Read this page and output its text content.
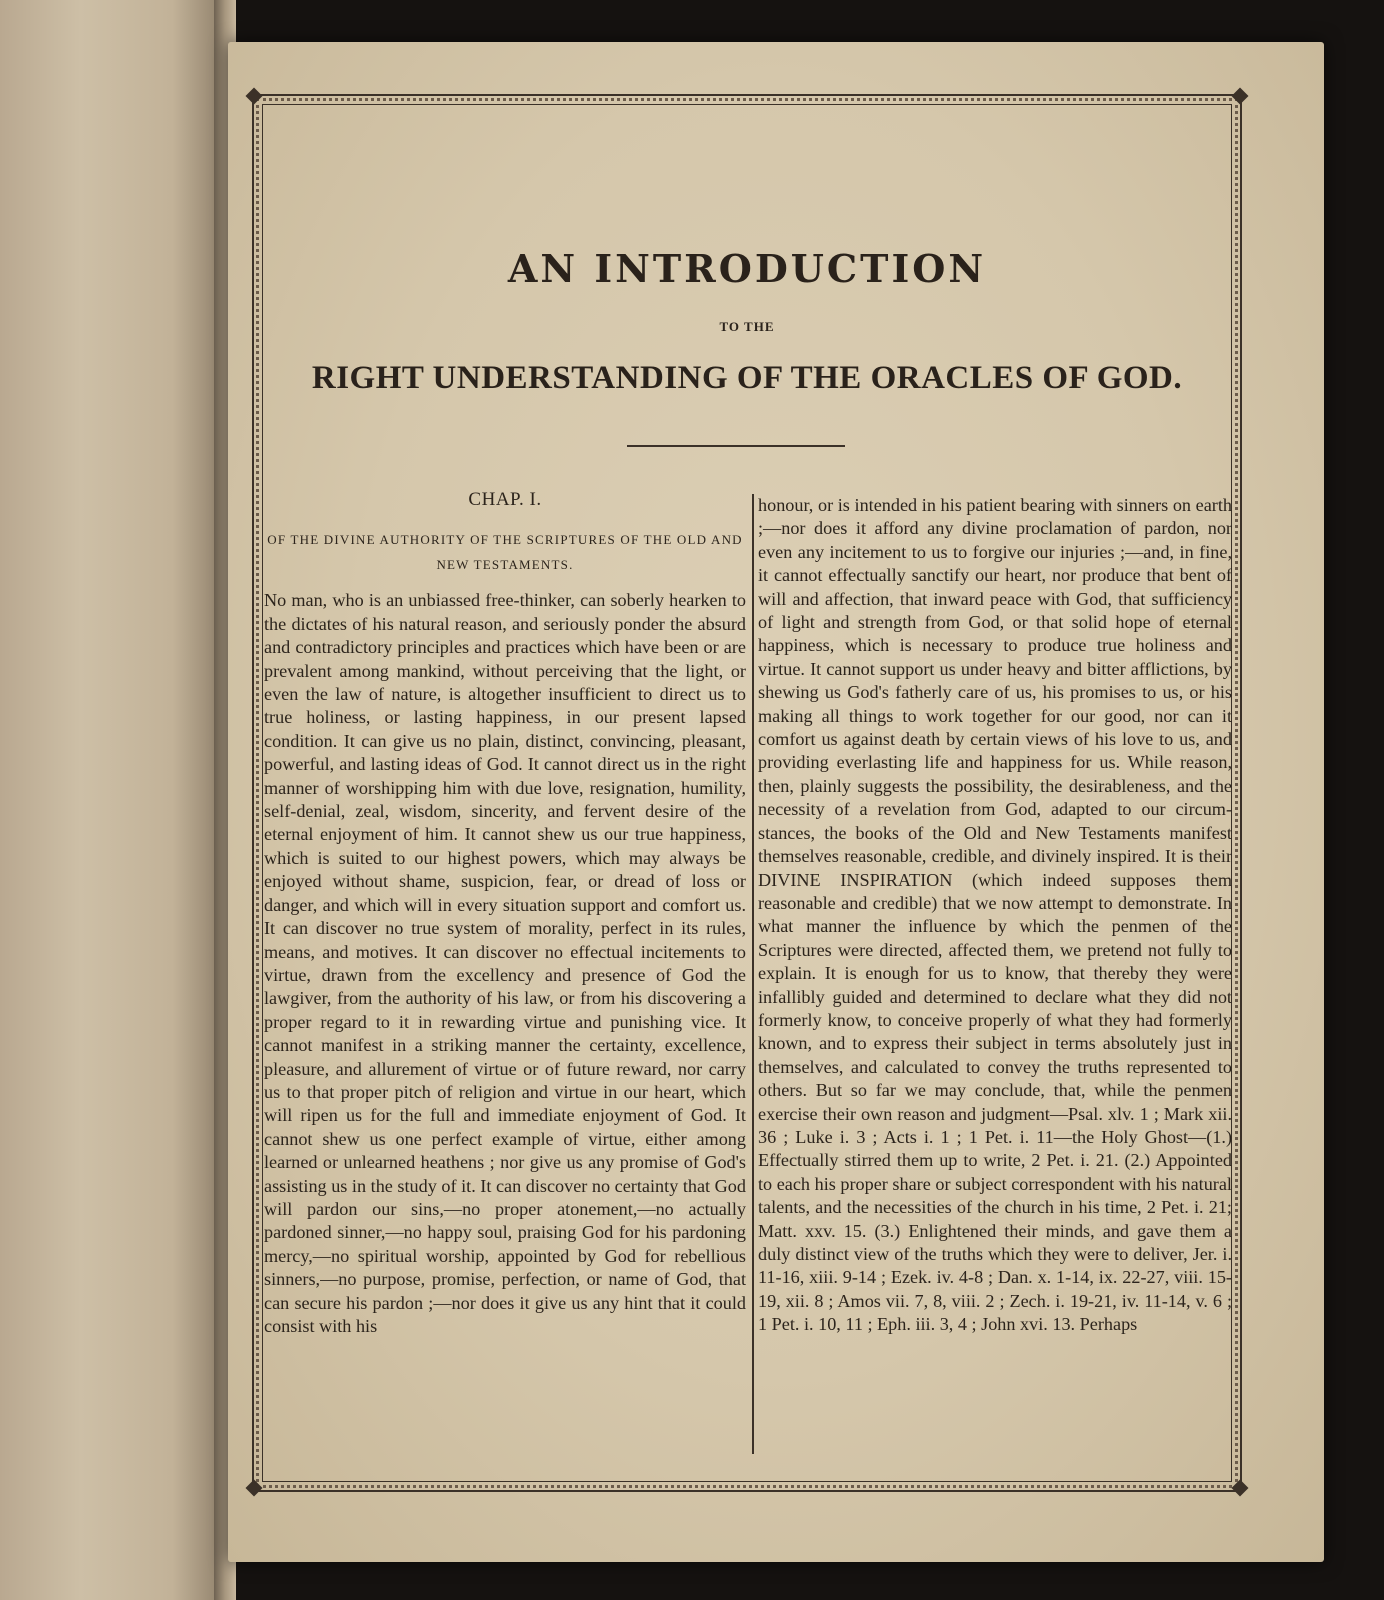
AN INTRODUCTION
TO THE
RIGHT UNDERSTANDING OF THE ORACLES OF GOD.
CHAP. I.
OF THE DIVINE AUTHORITY OF THE SCRIPTURES OF THE OLD AND NEW TESTAMENTS.

No man, who is an unbiassed free-thinker, can soberly hearken to the dictates of his natural reason, and seriously ponder the absurd and contradictory principles and practices which have been or are prevalent among mankind, without perceiving that the light, or even the law of nature, is altogether insufficient to direct us to true holiness, or lasting happiness, in our present lapsed condition. It can give us no plain, distinct, convincing, pleasant, powerful, and lasting ideas of God. It cannot direct us in the right manner of worshipping him with due love, resignation, humility, self-denial, zeal, wisdom, sincerity, and fervent desire of the eternal enjoyment of him. It cannot shew us our true happiness, which is suited to our highest powers, which may always be enjoyed without shame, suspicion, fear, or dread of loss or danger, and which will in every situation support and comfort us. It can discover no true system of morality, perfect in its rules, means, and motives. It can discover no effectual incitements to virtue, drawn from the excellency and presence of God the lawgiver, from the authority of his law, or from his discovering a proper regard to it in rewarding virtue and punishing vice. It cannot manifest in a striking manner the certainty, excellence, pleasure, and allurement of virtue or of future reward, nor carry us to that proper pitch of religion and virtue in our heart, which will ripen us for the full and immediate enjoyment of God. It cannot shew us one perfect example of virtue, either among learned or unlearned heathens ; nor give us any promise of God's assisting us in the study of it. It can discover no certainty that God will pardon our sins,—no proper atonement,—no actually pardoned sinner,—no happy soul, praising God for his pardoning mercy,—no spiritual worship, appointed by God for rebellious sinners,—no purpose, promise, perfection, or name of God, that can secure his pardon ;—nor does it give us any hint that it could consist with his

honour, or is intended in his patient bearing with sinners on earth ;—nor does it afford any divine proclamation of pardon, nor even any incitement to us to forgive our injuries ;—and, in fine, it cannot effectually sanctify our heart, nor produce that bent of will and affection, that inward peace with God, that sufficiency of light and strength from God, or that solid hope of eternal happiness, which is necessary to produce true holiness and virtue. It cannot support us under heavy and bitter afflictions, by shewing us God's fatherly care of us, his promises to us, or his making all things to work together for our good, nor can it comfort us against death by certain views of his love to us, and providing everlasting life and happiness for us. While reason, then, plainly suggests the possibility, the desirableness, and the necessity of a revelation from God, adapted to our circumstances, the books of the Old and New Testaments manifest themselves reasonable, credible, and divinely inspired. It is their DIVINE INSPIRATION (which indeed supposes them reasonable and credible) that we now attempt to demonstrate. In what manner the influence by which the penmen of the Scriptures were directed, affected them, we pretend not fully to explain. It is enough for us to know, that thereby they were infallibly guided and determined to declare what they did not formerly know, to conceive properly of what they had formerly known, and to express their subject in terms absolutely just in themselves, and calculated to convey the truths represented to others. But so far we may conclude, that, while the penmen exercise their own reason and judgment—Psal. xlv. 1 ; Mark xii. 36 ; Luke i. 3 ; Acts i. 1 ; 1 Pet. i. 11—the Holy Ghost—(1.) Effectually stirred them up to write, 2 Pet. i. 21. (2.) Appointed to each his proper share or subject correspondent with his natural talents, and the necessities of the church in his time, 2 Pet. i. 21; Matt. xxv. 15. (3.) Enlightened their minds, and gave them a duly distinct view of the truths which they were to deliver, Jer. i. 11-16, xiii. 9-14 ; Ezek. iv. 4-8 ; Dan. x. 1-14, ix. 22-27, viii. 15-19, xii. 8 ; Amos vii. 7, 8, viii. 2 ; Zech. i. 19-21, iv. 11-14, v. 6 ; 1 Pet. i. 10, 11 ; Eph. iii. 3, 4 ; John xvi. 13. Perhaps
